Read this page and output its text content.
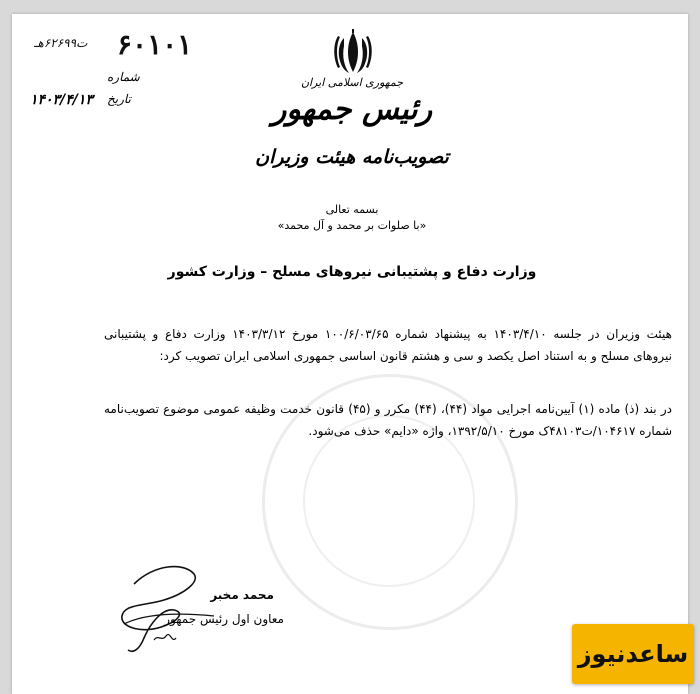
۶۰۱۰۱
ت۶۲۶۹۹هـ
شماره
تاریخ
۱۴۰۳/۴/۱۳
جمهوری اسلامی ایران
رئیس جمهور
تصویب‌نامه هیئت وزیران
بسمه تعالی
«با صلوات بر محمد و آل محمد»
وزارت دفاع و پشتیبانی نیروهای مسلح – وزارت کشور
هیئت وزیران در جلسه ۱۴۰۳/۴/۱۰ به پیشنهاد شماره ۱۰۰/۶/۰۳/۶۵ مورخ ۱۴۰۳/۳/۱۲ وزارت دفاع و پشتیبانی نیروهای مسلح و به استناد اصل یکصد و سی و هشتم قانون اساسی جمهوری اسلامی ایران تصویب کرد:
در بند (ذ) ماده (۱) آیین‌نامه اجرایی مواد (۴۴)، (۴۴) مکرر و (۴۵) قانون خدمت وظیفه عمومی موضوع تصویب‌نامه شماره ۱۰۴۶۱۷/ت۴۸۱۰۳ک مورخ ۱۳۹۲/۵/۱۰، واژه «دایم» حذف می‌شود.
محمد مخبر
معاون اول رئیس جمهور
ساعدنیوز
